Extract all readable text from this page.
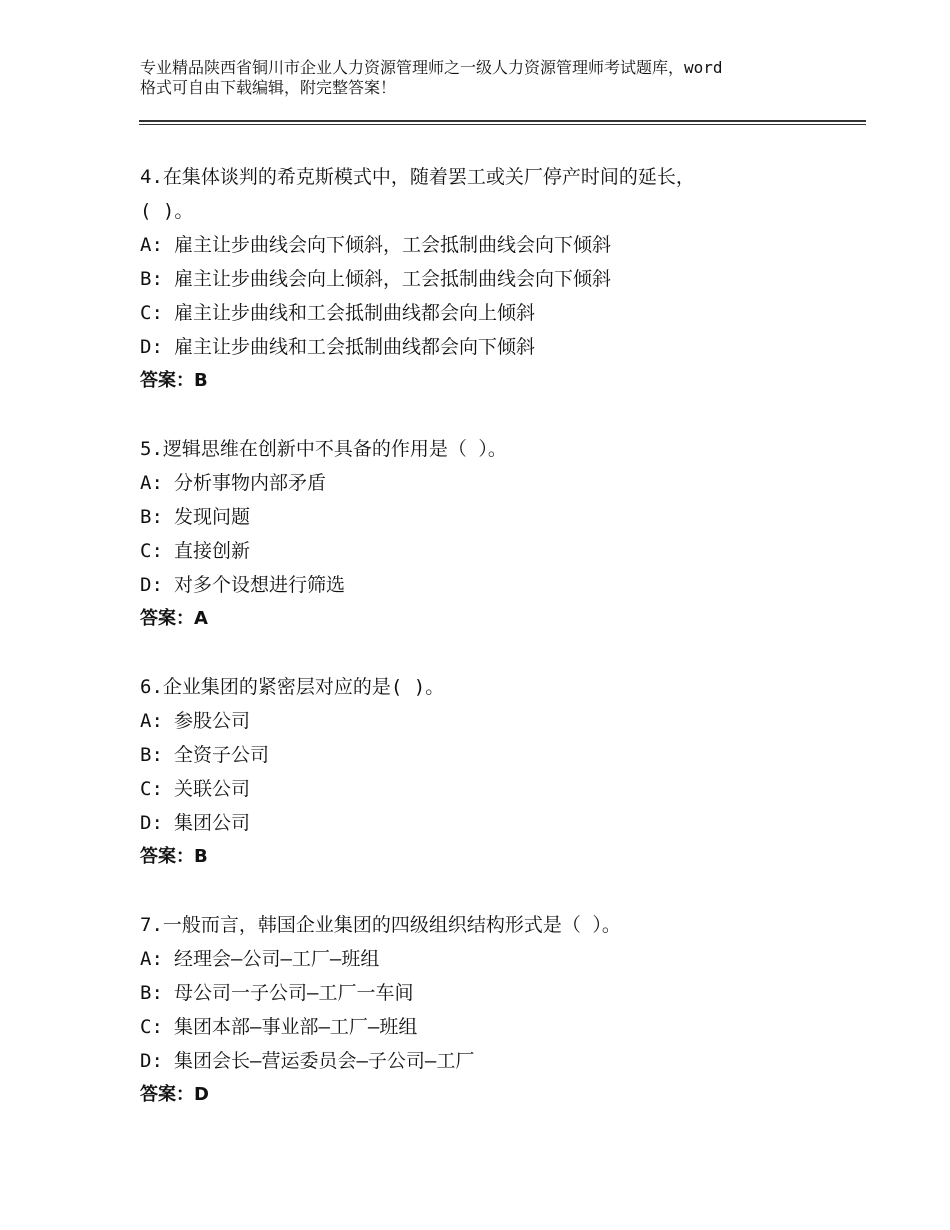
专业精品陕西省铜川市企业人力资源管理师之一级人力资源管理师考试题库，word
格式可自由下载编辑，附完整答案！
4.在集体谈判的希克斯模式中，随着罢工或关厂停产时间的延长，
( )。
A: 雇主让步曲线会向下倾斜，工会抵制曲线会向下倾斜
B: 雇主让步曲线会向上倾斜，工会抵制曲线会向下倾斜
C: 雇主让步曲线和工会抵制曲线都会向上倾斜
D: 雇主让步曲线和工会抵制曲线都会向下倾斜
答案：B
5.逻辑思维在创新中不具备的作用是（ ）。
A: 分析事物内部矛盾
B: 发现问题
C: 直接创新
D: 对多个设想进行筛选
答案：A
6.企业集团的紧密层对应的是( )。
A: 参股公司
B: 全资子公司
C: 关联公司
D: 集团公司
答案：B
7.一般而言，韩国企业集团的四级组织结构形式是（ ）。
A: 经理会—公司—工厂—班组
B: 母公司一子公司—工厂一车间
C: 集团本部—事业部—工厂—班组
D: 集团会长—营运委员会—子公司—工厂
答案：D
